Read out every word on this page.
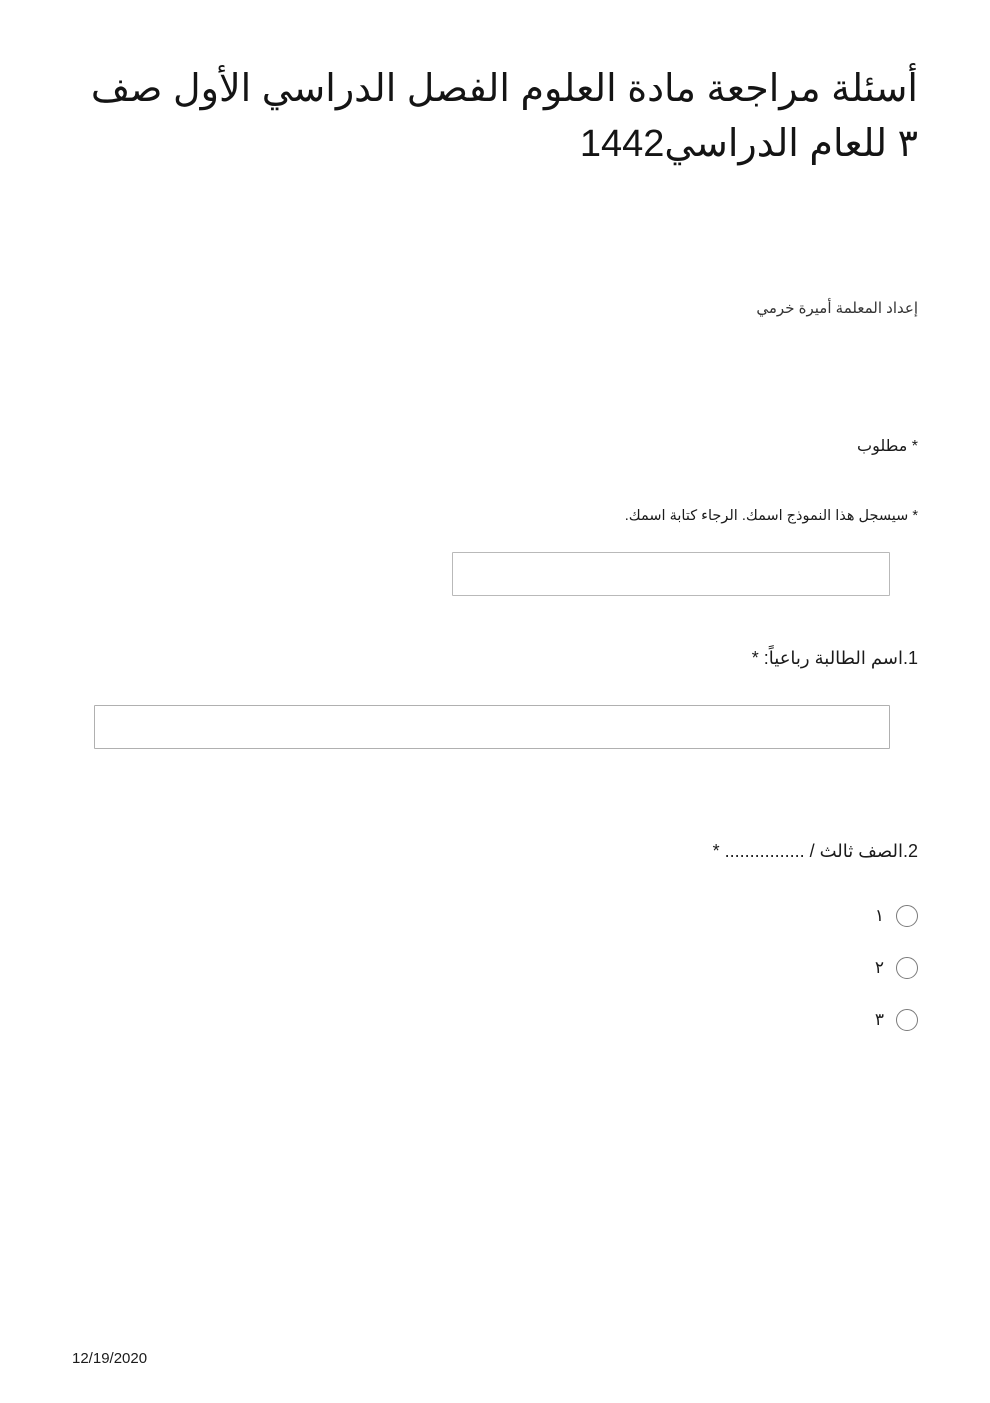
أسئلة مراجعة مادة العلوم الفصل الدراسي الأول صف ٣ للعام الدراسي1442
إعداد المعلمة أميرة خرمي
* مطلوب
* سيسجل هذا النموذج اسمك. الرجاء كتابة اسمك.
1.اسم الطالبة رباعياً: *
2.الصف ثالث / ................ *
١
٢
٣
12/19/2020
